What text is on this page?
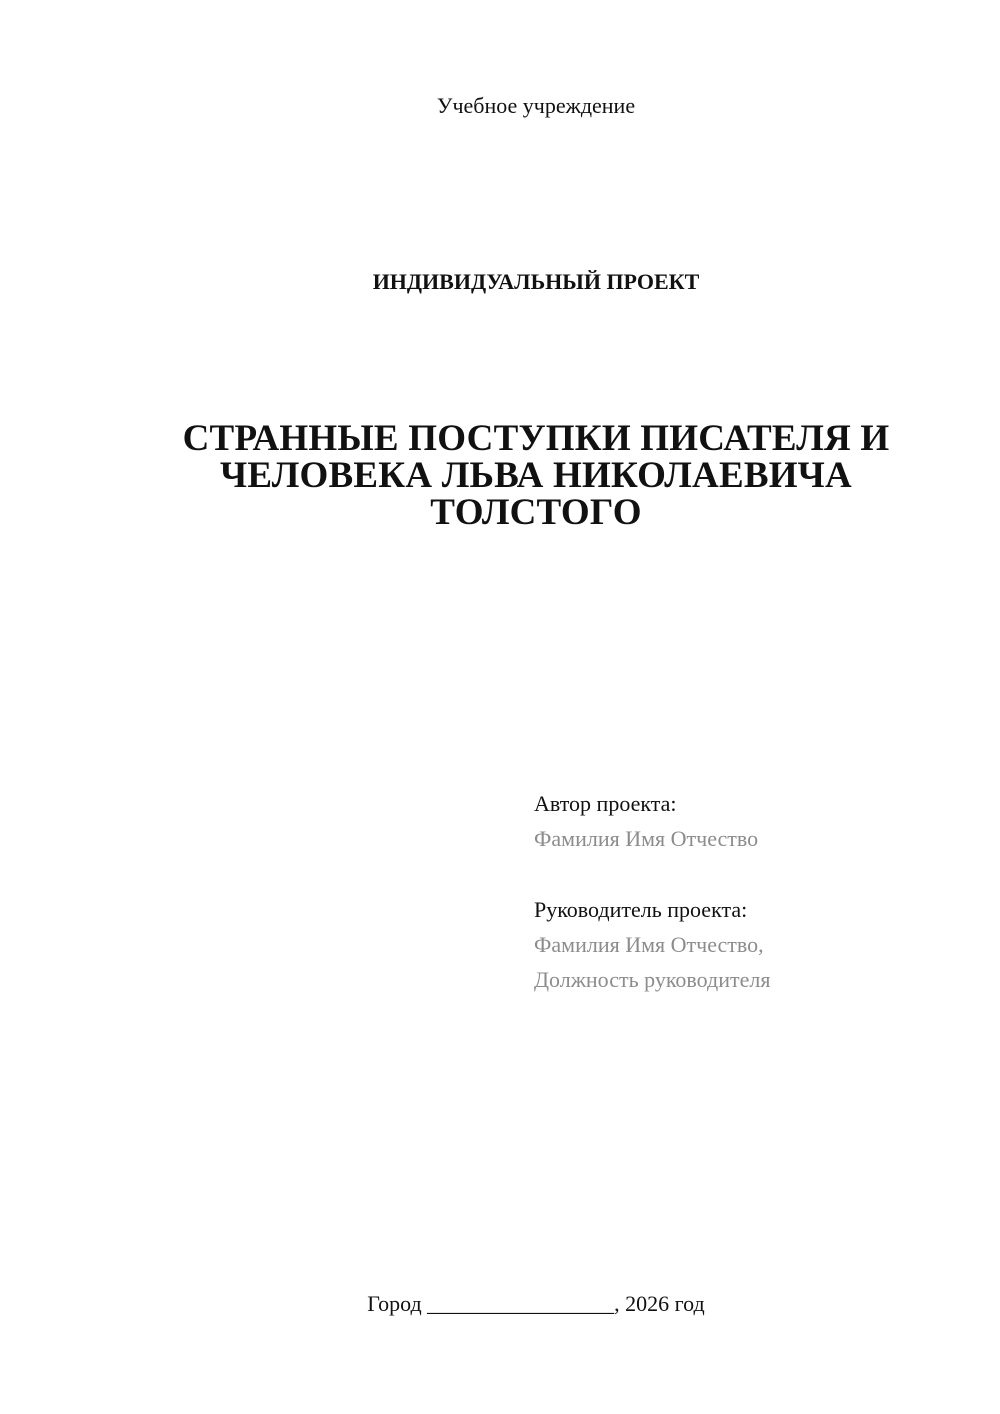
Учебное учреждение
ИНДИВИДУАЛЬНЫЙ ПРОЕКТ
СТРАННЫЕ ПОСТУПКИ ПИСАТЕЛЯ И
ЧЕЛОВЕКА ЛЬВА НИКОЛАЕВИЧА
ТОЛСТОГО
Автор проекта:
Фамилия Имя Отчество
Руководитель проекта:
Фамилия Имя Отчество,
Должность руководителя
Город _________________, 2026 год
